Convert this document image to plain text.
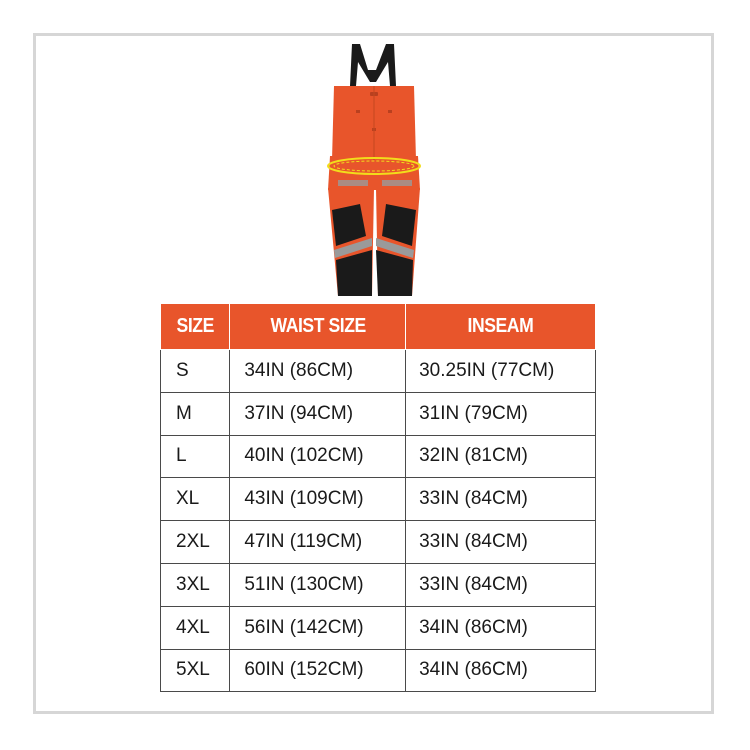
SIZE	WAIST SIZE	INSEAM
S	34IN (86CM)	30.25IN (77CM)
M	37IN (94CM)	31IN (79CM)
L	40IN (102CM)	32IN (81CM)
XL	43IN (109CM)	33IN (84CM)
2XL	47IN (119CM)	33IN (84CM)
3XL	51IN (130CM)	33IN (84CM)
4XL	56IN (142CM)	34IN (86CM)
5XL	60IN (152CM)	34IN (86CM)
